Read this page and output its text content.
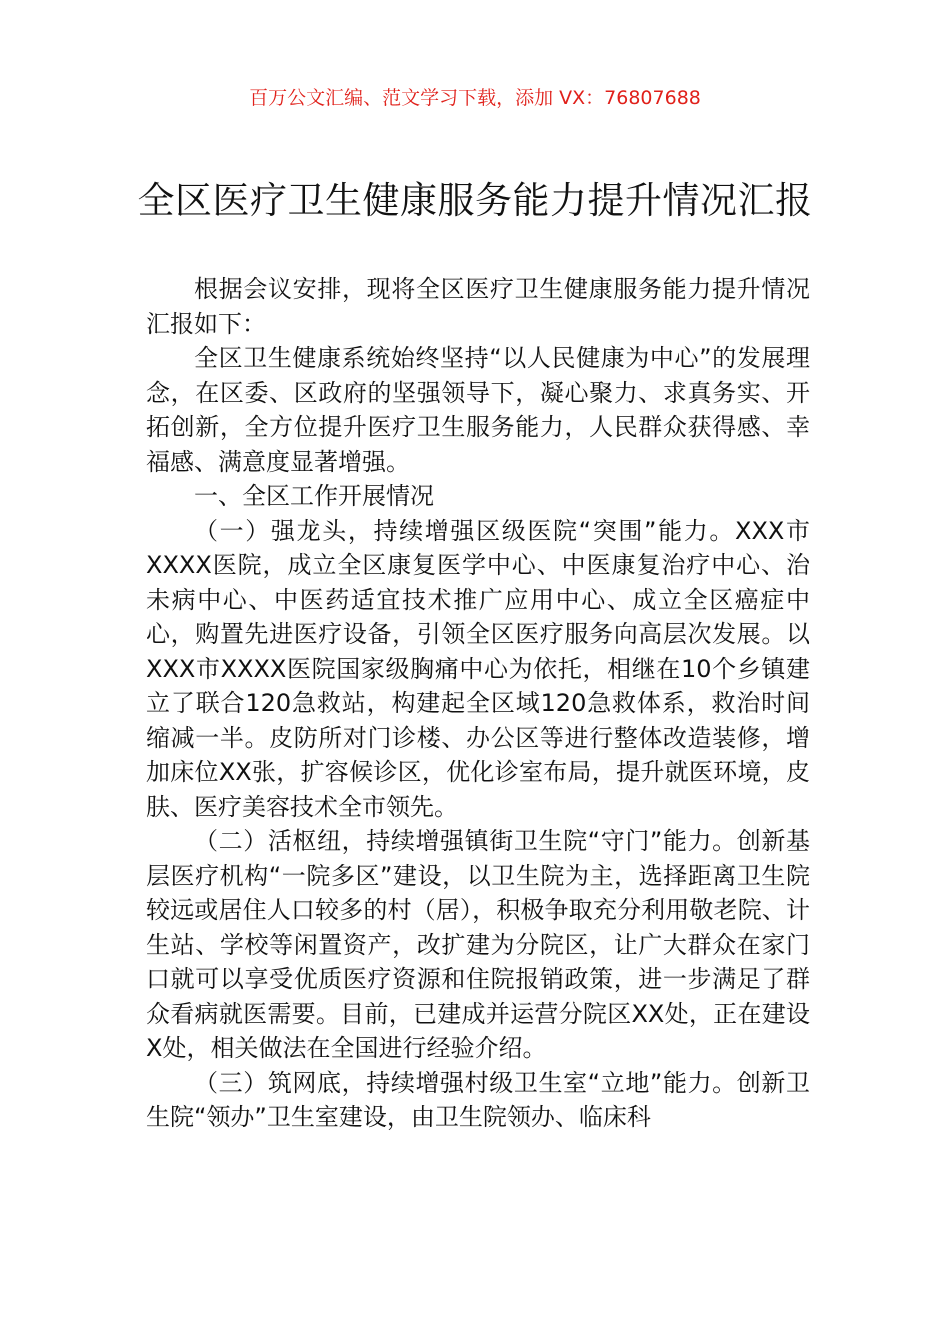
百万公文汇编、范文学习下载，添加 VX：76807688
全区医疗卫生健康服务能力提升情况汇报

根据会议安排，现将全区医疗卫生健康服务能力提升情况汇报如下：

全区卫生健康系统始终坚持“以人民健康为中心”的发展理念，在区委、区政府的坚强领导下，凝心聚力、求真务实、开拓创新，全方位提升医疗卫生服务能力，人民群众获得感、幸福感、满意度显著增强。

一、全区工作开展情况

（一）强龙头，持续增强区级医院“突围”能力。XXX市XXXX医院，成立全区康复医学中心、中医康复治疗中心、治未病中心、中医药适宜技术推广应用中心、成立全区癌症中心，购置先进医疗设备，引领全区医疗服务向高层次发展。以XXX市XXXX医院国家级胸痛中心为依托，相继在10个乡镇建立了联合120急救站，构建起全区域120急救体系，救治时间缩减一半。皮防所对门诊楼、办公区等进行整体改造装修，增加床位XX张，扩容候诊区，优化诊室布局，提升就医环境，皮肤、医疗美容技术全市领先。

（二）活枢纽，持续增强镇街卫生院“守门”能力。创新基层医疗机构“一院多区”建设，以卫生院为主，选择距离卫生院较远或居住人口较多的村（居），积极争取充分利用敬老院、计生站、学校等闲置资产，改扩建为分院区，让广大群众在家门口就可以享受优质医疗资源和住院报销政策，进一步满足了群众看病就医需要。目前，已建成并运营分院区XX处，正在建设X处，相关做法在全国进行经验介绍。

（三）筑网底，持续增强村级卫生室“立地”能力。创新卫生院“领办”卫生室建设，由卫生院领办、临床科
